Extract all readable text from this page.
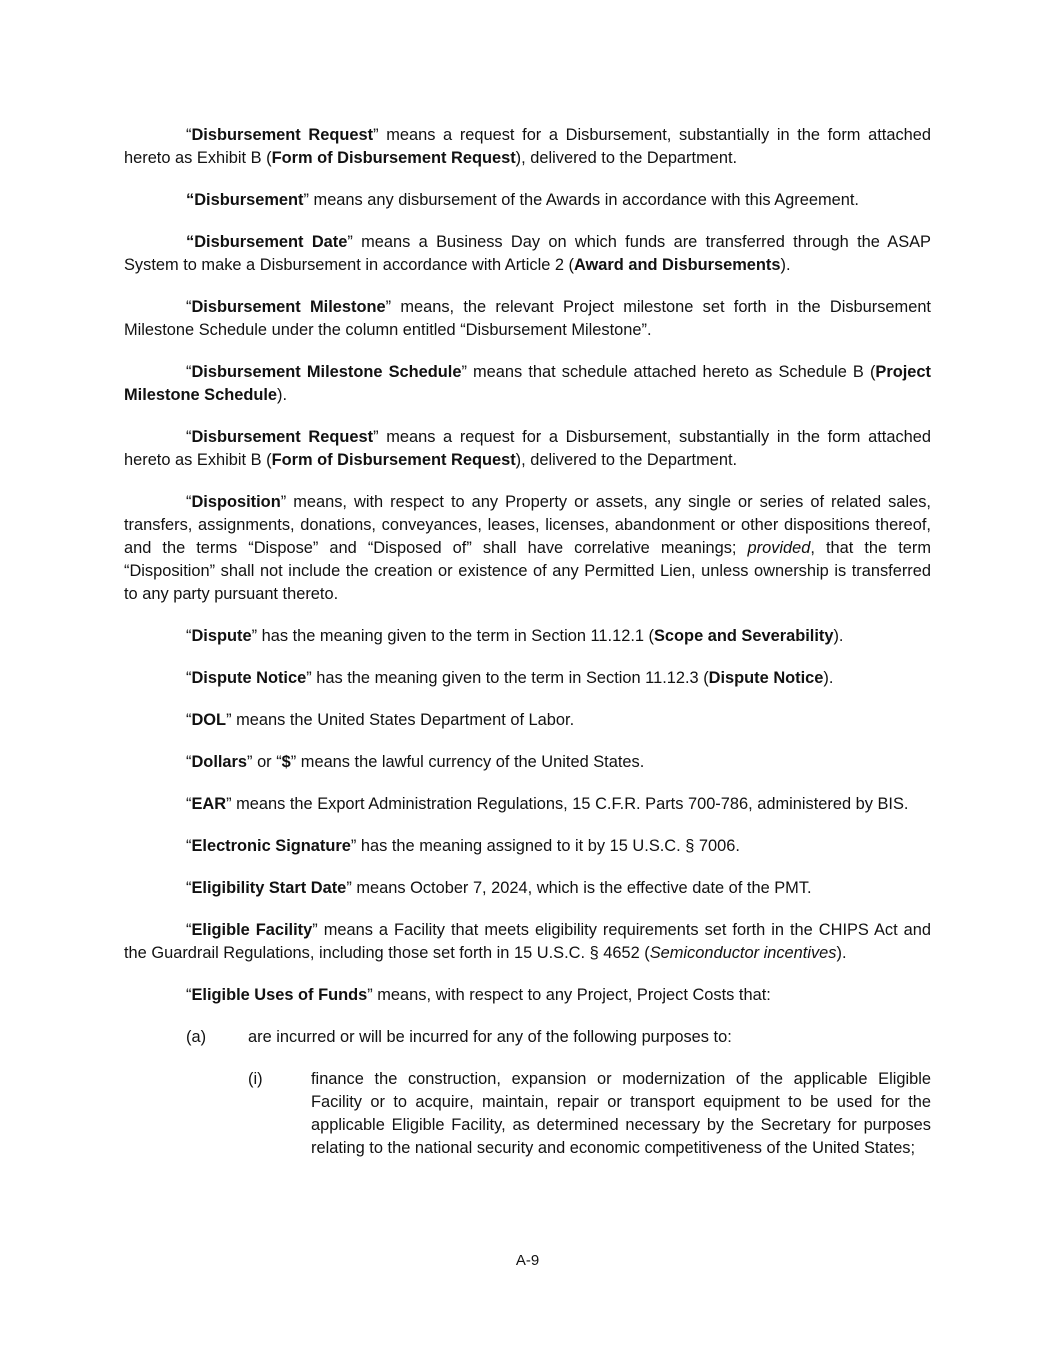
“Disbursement Request” means a request for a Disbursement, substantially in the form attached hereto as Exhibit B (Form of Disbursement Request), delivered to the Department.

“Disbursement” means any disbursement of the Awards in accordance with this Agreement.

“Disbursement Date” means a Business Day on which funds are transferred through the ASAP System to make a Disbursement in accordance with Article 2 (Award and Disbursements).

“Disbursement Milestone” means, the relevant Project milestone set forth in the Disbursement Milestone Schedule under the column entitled “Disbursement Milestone”.

“Disbursement Milestone Schedule” means that schedule attached hereto as Schedule B (Project Milestone Schedule).

“Disbursement Request” means a request for a Disbursement, substantially in the form attached hereto as Exhibit B (Form of Disbursement Request), delivered to the Department.

“Disposition” means, with respect to any Property or assets, any single or series of related sales, transfers, assignments, donations, conveyances, leases, licenses, abandonment or other dispositions thereof, and the terms “Dispose” and “Disposed of” shall have correlative meanings; provided, that the term “Disposition” shall not include the creation or existence of any Permitted Lien, unless ownership is transferred to any party pursuant thereto.

“Dispute” has the meaning given to the term in Section 11.12.1 (Scope and Severability).

“Dispute Notice” has the meaning given to the term in Section 11.12.3 (Dispute Notice).

“DOL” means the United States Department of Labor.

“Dollars” or “$” means the lawful currency of the United States.

“EAR” means the Export Administration Regulations, 15 C.F.R. Parts 700-786, administered by BIS.

“Electronic Signature” has the meaning assigned to it by 15 U.S.C. § 7006.

“Eligibility Start Date” means October 7, 2024, which is the effective date of the PMT.

“Eligible Facility” means a Facility that meets eligibility requirements set forth in the CHIPS Act and the Guardrail Regulations, including those set forth in 15 U.S.C. § 4652 (Semiconductor incentives).

“Eligible Uses of Funds” means, with respect to any Project, Project Costs that:

(a)	are incurred or will be incurred for any of the following purposes to:
(i)	finance the construction, expansion or modernization of the applicable Eligible Facility or to acquire, maintain, repair or transport equipment to be used for the applicable Eligible Facility, as determined necessary by the Secretary for purposes relating to the national security and economic competitiveness of the United States;
A-9
